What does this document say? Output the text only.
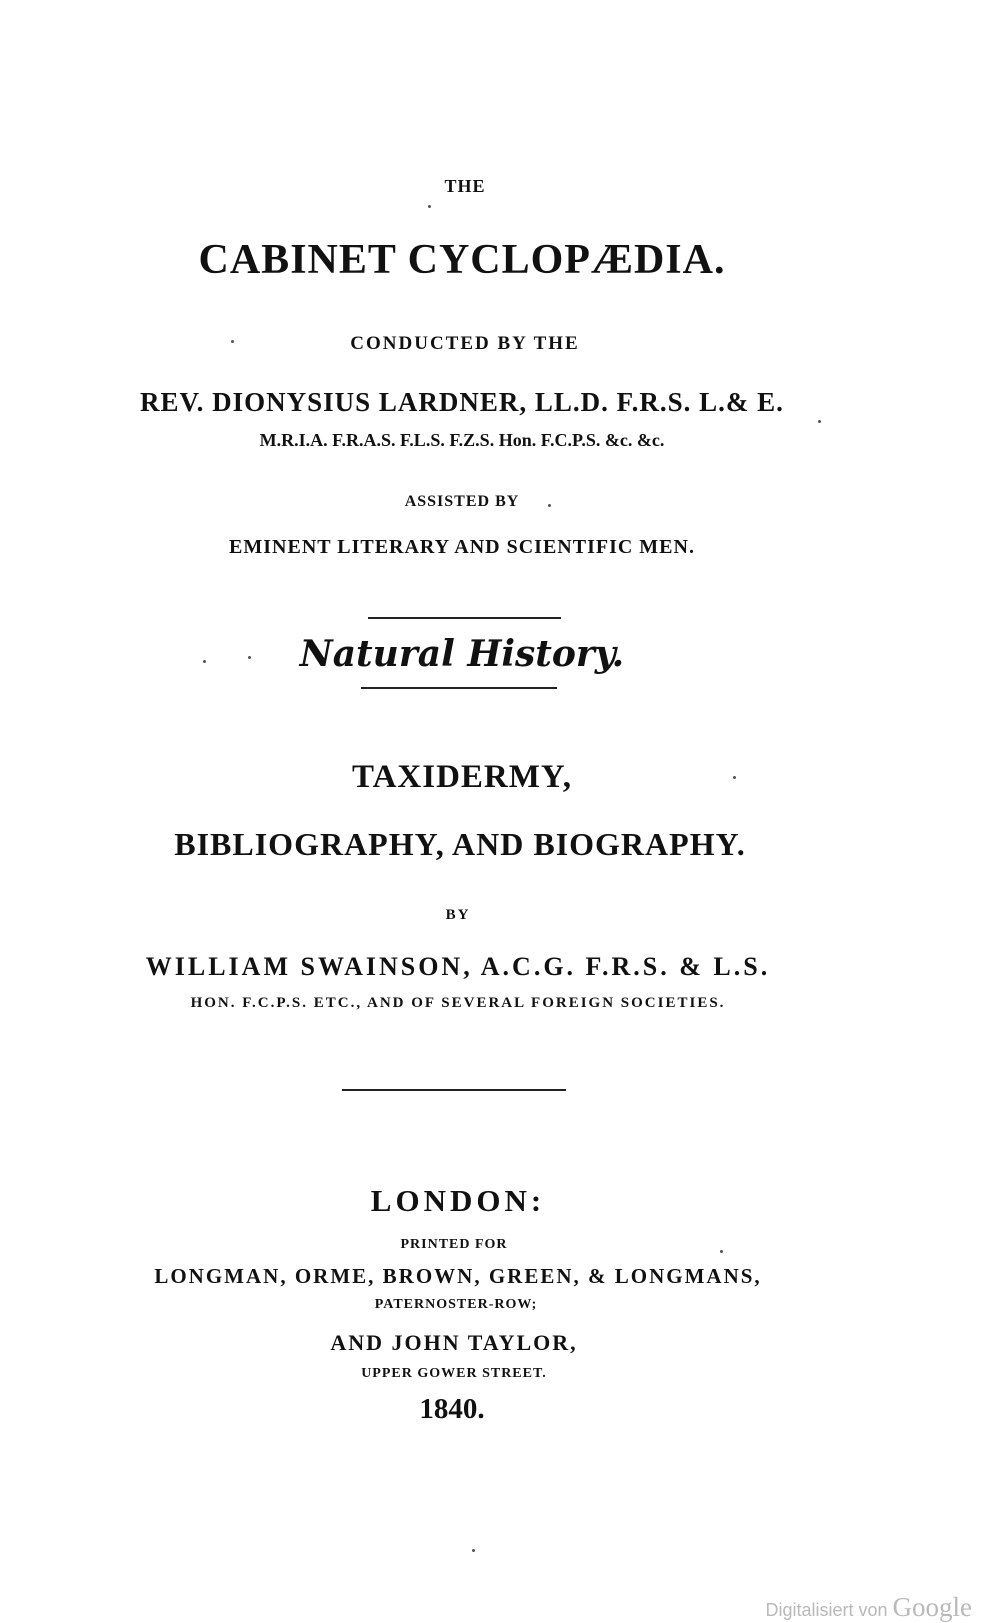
THE
CABINET CYCLOPÆDIA.
CONDUCTED BY THE
REV. DIONYSIUS LARDNER, LL.D. F.R.S. L.& E.
M.R.I.A. F.R.A.S. F.L.S. F.Z.S. Hon. F.C.P.S. &c. &c.
ASSISTED BY
EMINENT LITERARY AND SCIENTIFIC MEN.
Natural History.
TAXIDERMY,
BIBLIOGRAPHY, AND BIOGRAPHY.
BY
WILLIAM SWAINSON, A.C.G. F.R.S. & L.S.
HON. F.C.P.S. ETC., AND OF SEVERAL FOREIGN SOCIETIES.
LONDON:
PRINTED FOR
LONGMAN, ORME, BROWN, GREEN, & LONGMANS,
PATERNOSTER-ROW;
AND JOHN TAYLOR,
UPPER GOWER STREET.
1840.
Digitalisiert von Google
